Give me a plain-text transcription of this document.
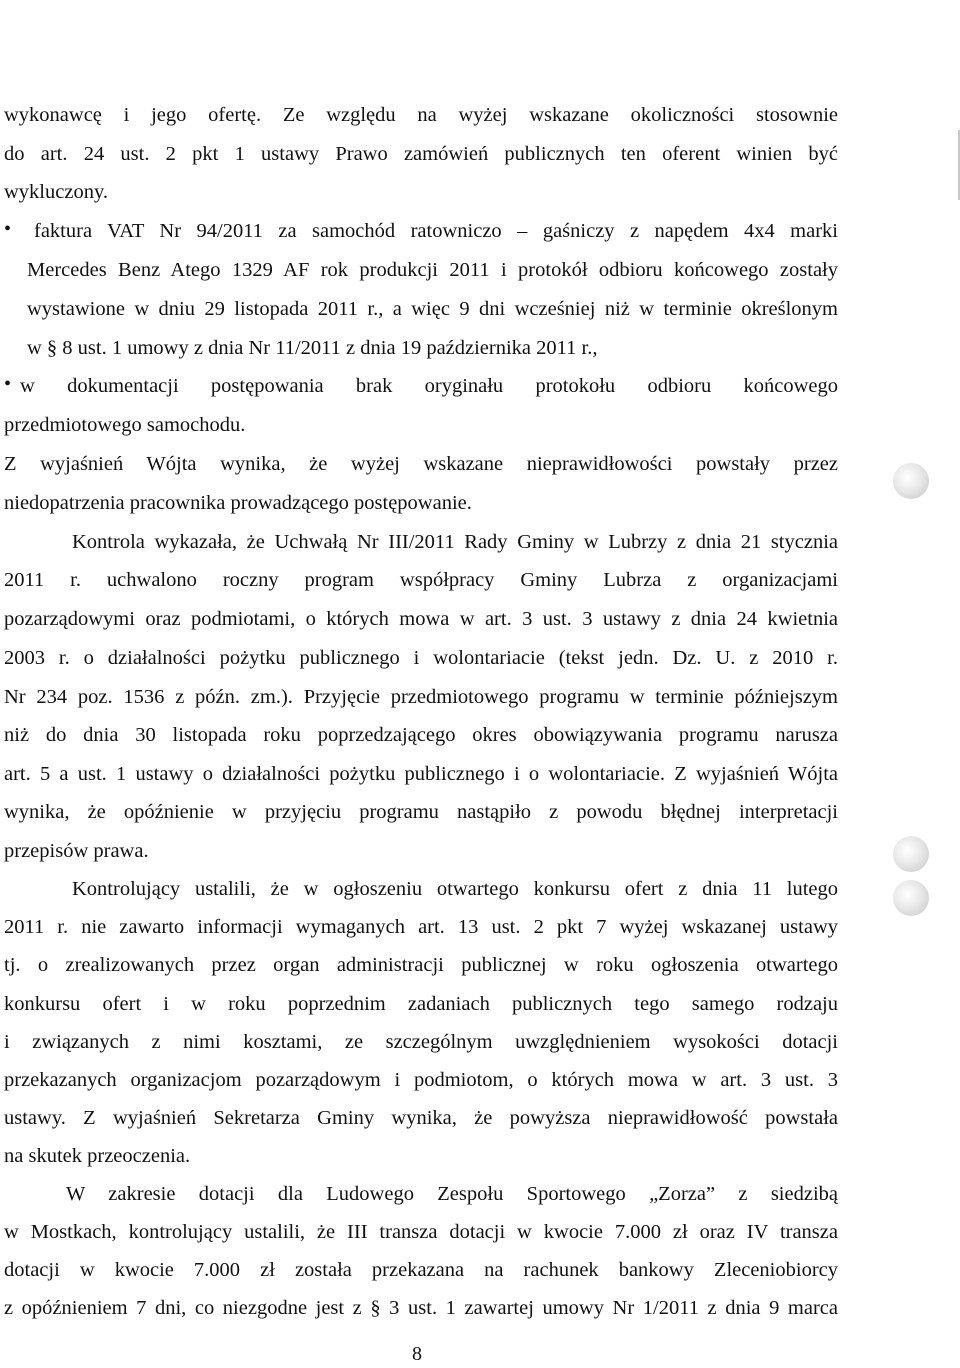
wykonawcę i jego ofertę. Ze względu na wyżej wskazane okoliczności stosownie
do art. 24 ust. 2 pkt 1 ustawy Prawo zamówień publicznych ten oferent winien być
wykluczony.
• faktura VAT Nr 94/2011 za samochód ratowniczo – gaśniczy z napędem 4x4 marki
Mercedes Benz Atego 1329 AF rok produkcji 2011 i protokół odbioru końcowego zostały
wystawione w dniu 29 listopada 2011 r., a więc 9 dni wcześniej niż w terminie określonym
w § 8 ust. 1 umowy z dnia Nr 11/2011 z dnia 19 października 2011 r.,
• w dokumentacji postępowania brak oryginału protokołu odbioru końcowego
przedmiotowego samochodu.
Z wyjaśnień Wójta wynika, że wyżej wskazane nieprawidłowości powstały przez
niedopatrzenia pracownika prowadzącego postępowanie.
Kontrola wykazała, że Uchwałą Nr III/2011 Rady Gminy w Lubrzy z dnia 21 stycznia
2011 r. uchwalono roczny program współpracy Gminy Lubrza z organizacjami
pozarządowymi oraz podmiotami, o których mowa w art. 3 ust. 3 ustawy z dnia 24 kwietnia
2003 r. o działalności pożytku publicznego i wolontariacie (tekst jedn. Dz. U. z 2010 r.
Nr 234 poz. 1536 z późn. zm.). Przyjęcie przedmiotowego programu w terminie późniejszym
niż do dnia 30 listopada roku poprzedzającego okres obowiązywania programu narusza
art. 5 a ust. 1 ustawy o działalności pożytku publicznego i o wolontariacie. Z wyjaśnień Wójta
wynika, że opóźnienie w przyjęciu programu nastąpiło z powodu błędnej interpretacji
przepisów prawa.
Kontrolujący ustalili, że w ogłoszeniu otwartego konkursu ofert z dnia 11 lutego
2011 r. nie zawarto informacji wymaganych art. 13 ust. 2 pkt 7 wyżej wskazanej ustawy
tj. o zrealizowanych przez organ administracji publicznej w roku ogłoszenia otwartego
konkursu ofert i w roku poprzednim zadaniach publicznych tego samego rodzaju
i związanych z nimi kosztami, ze szczególnym uwzględnieniem wysokości dotacji
przekazanych organizacjom pozarządowym i podmiotom, o których mowa w art. 3 ust. 3
ustawy. Z wyjaśnień Sekretarza Gminy wynika, że powyższa nieprawidłowość powstała
na skutek przeoczenia.
W zakresie dotacji dla Ludowego Zespołu Sportowego „Zorza” z siedzibą
w Mostkach, kontrolujący ustalili, że III transza dotacji w kwocie 7.000 zł oraz IV transza
dotacji w kwocie 7.000 zł została przekazana na rachunek bankowy Zleceniobiorcy
z opóźnieniem 7 dni, co niezgodne jest z § 3 ust. 1 zawartej umowy Nr 1/2011 z dnia 9 marca
8
